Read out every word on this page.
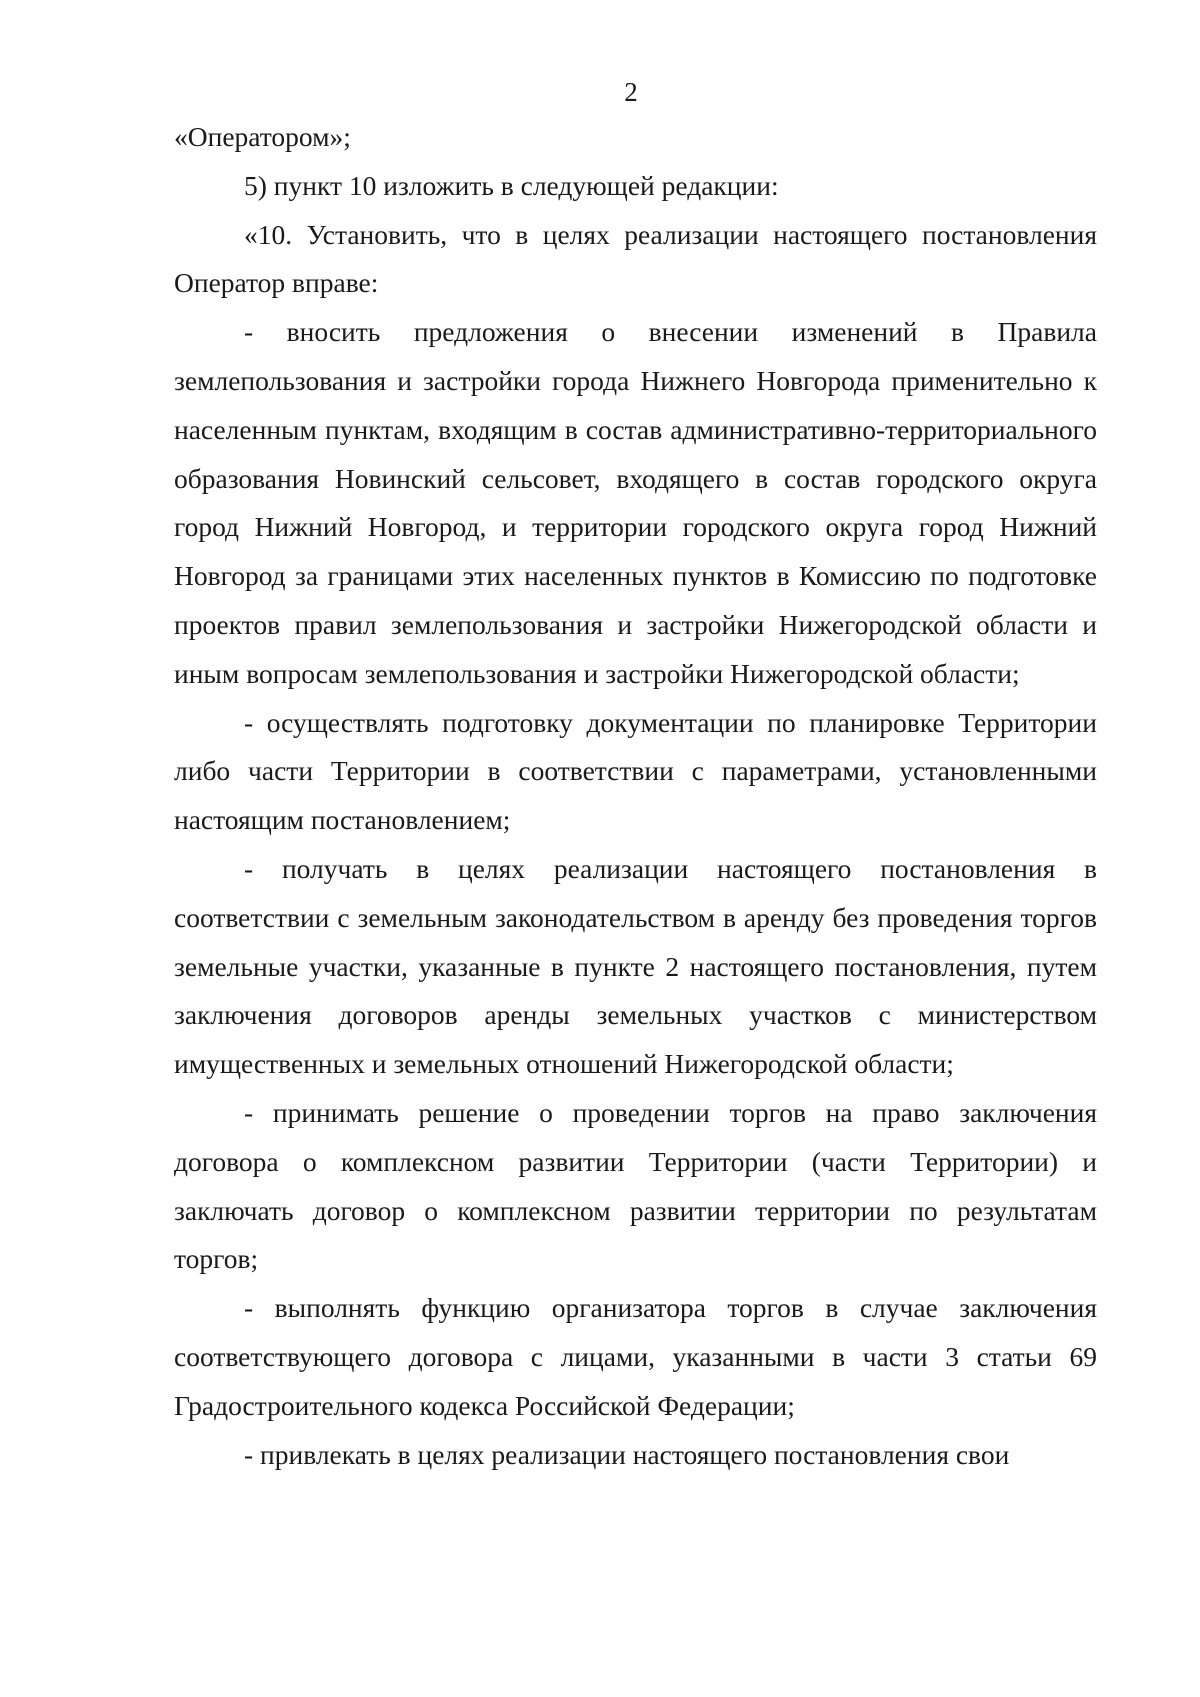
2

«Оператором»;

5) пункт 10 изложить в следующей редакции:

«10. Установить, что в целях реализации настоящего постановления Оператор вправе:

- вносить предложения о внесении изменений в Правила землепользования и застройки города Нижнего Новгорода применительно к населенным пунктам, входящим в состав административно-территориального образования Новинский сельсовет, входящего в состав городского округа город Нижний Новгород, и территории городского округа город Нижний Новгород за границами этих населенных пунктов в Комиссию по подготовке проектов правил землепользования и застройки Нижегородской области и иным вопросам землепользования и застройки Нижегородской области;

- осуществлять подготовку документации по планировке Территории либо части Территории в соответствии с параметрами, установленными настоящим постановлением;

- получать в целях реализации настоящего постановления в соответствии с земельным законодательством в аренду без проведения торгов земельные участки, указанные в пункте 2 настоящего постановления, путем заключения договоров аренды земельных участков с министерством имущественных и земельных отношений Нижегородской области;

- принимать решение о проведении торгов на право заключения договора о комплексном развитии Территории (части Территории) и заключать договор о комплексном развитии территории по результатам торгов;

- выполнять функцию организатора торгов в случае заключения соответствующего договора с лицами, указанными в части 3 статьи 69 Градостроительного кодекса Российской Федерации;

- привлекать в целях реализации настоящего постановления свои
